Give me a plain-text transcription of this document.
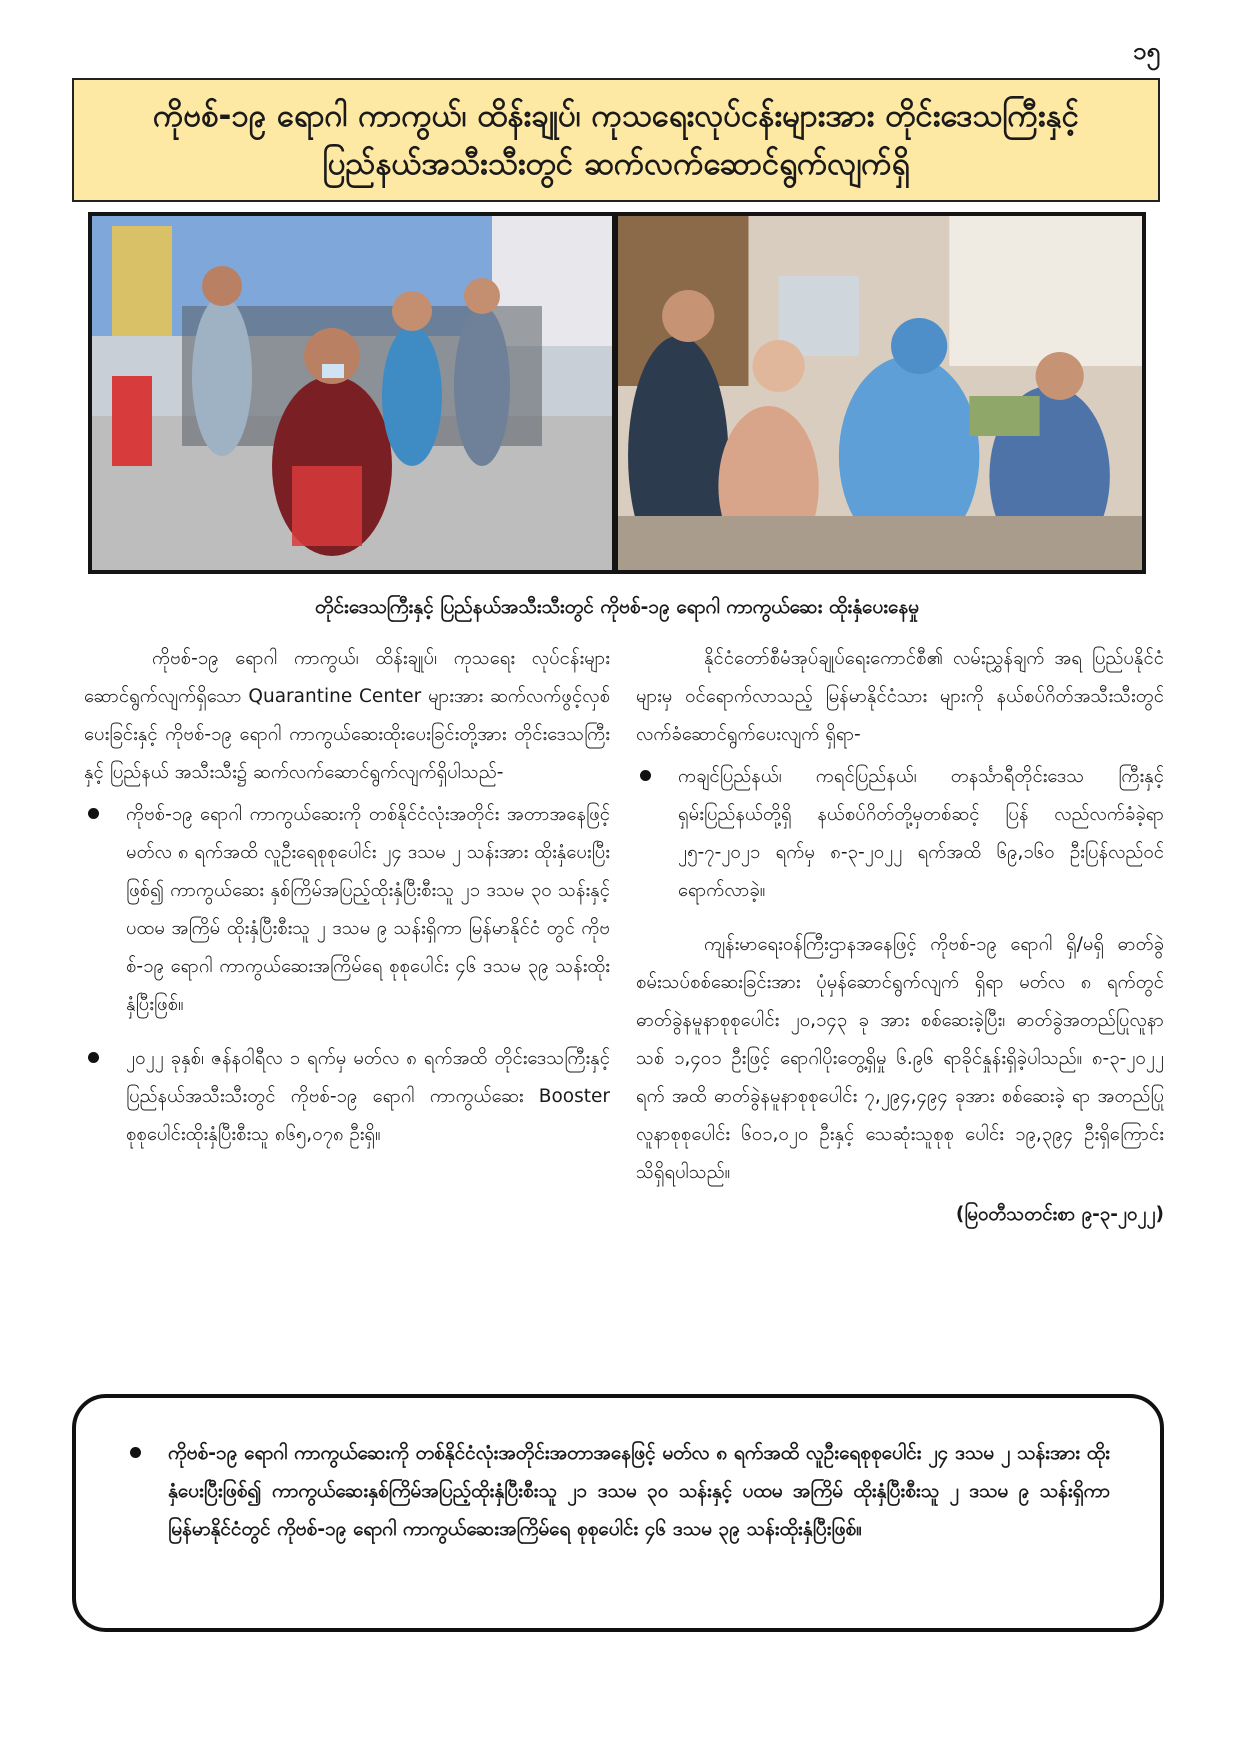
၁၅
ကိုဗစ်-၁၉ ရောဂါ ကာကွယ်၊ ထိန်းချုပ်၊ ကုသရေးလုပ်ငန်းများအား တိုင်းဒေသကြီးနှင့်
ပြည်နယ်အသီးသီးတွင် ဆက်လက်ဆောင်ရွက်လျက်ရှိ
တိုင်းဒေသကြီးနှင့် ပြည်နယ်အသီးသီးတွင် ကိုဗစ်-၁၉ ရောဂါ ကာကွယ်ဆေး ထိုးနှံပေးနေမှု

ကိုဗစ်-၁၉ ရောဂါ ကာကွယ်၊ ထိန်းချုပ်၊ ကုသရေး လုပ်ငန်းများဆောင်ရွက်လျက်ရှိသော Quarantine Center များအား ဆက်လက်ဖွင့်လှစ်ပေးခြင်းနှင့် ကိုဗစ်-၁၉ ရောဂါ ကာကွယ်ဆေးထိုးပေးခြင်းတို့အား တိုင်းဒေသကြီးနှင့် ပြည်နယ် အသီးသီး၌ ဆက်လက်ဆောင်ရွက်လျက်ရှိပါသည်-

ကိုဗစ်-၁၉ ရောဂါ ကာကွယ်ဆေးကို တစ်နိုင်ငံလုံးအတိုင်း အတာအနေဖြင့် မတ်လ ၈ ရက်အထိ လူဦးရေစုစုပေါင်း ၂၄ ဒသမ ၂ သန်းအား ထိုးနှံပေးပြီးဖြစ်၍ ကာကွယ်ဆေး နှစ်ကြိမ်အပြည့်ထိုးနှံပြီးစီးသူ ၂၁ ဒသမ ၃၀ သန်းနှင့် ပထမ အကြိမ် ထိုးနှံပြီးစီးသူ ၂ ဒသမ ၉ သန်းရှိကာ မြန်မာနိုင်ငံ တွင် ကိုဗစ်-၁၉ ရောဂါ ကာကွယ်ဆေးအကြိမ်ရေ စုစုပေါင်း ၄၆ ဒသမ ၃၉ သန်းထိုးနှံပြီးဖြစ်။
၂၀၂၂ ခုနှစ်၊ ဇန်နဝါရီလ ၁ ရက်မှ မတ်လ ၈ ရက်အထိ တိုင်းဒေသကြီးနှင့် ပြည်နယ်အသီးသီးတွင် ကိုဗစ်-၁၉ ရောဂါ ကာကွယ်ဆေး Booster စုစုပေါင်းထိုးနှံပြီးစီးသူ ၈၆၅,၀၇၈ ဦးရှိ။

နိုင်ငံတော်စီမံအုပ်ချုပ်ရေးကောင်စီ၏ လမ်းညွှန်ချက် အရ ပြည်ပနိုင်ငံများမှ ဝင်ရောက်လာသည့် မြန်မာနိုင်ငံသား များကို နယ်စပ်ဂိတ်အသီးသီးတွင် လက်ခံဆောင်ရွက်ပေးလျက် ရှိရာ-

ကချင်ပြည်နယ်၊ ကရင်ပြည်နယ်၊ တနင်္သာရီတိုင်းဒေသ ကြီးနှင့် ရှမ်းပြည်နယ်တို့ရှိ နယ်စပ်ဂိတ်တို့မှတစ်ဆင့် ပြန် လည်လက်ခံခဲ့ရာ ၂၅-၇-၂၀၂၁ ရက်မှ ၈-၃-၂၀၂၂ ရက်အထိ ၆၉,၁၆၀ ဦးပြန်လည်ဝင်ရောက်လာခဲ့။

ကျန်းမာရေးဝန်ကြီးဌာနအနေဖြင့် ကိုဗစ်-၁၉ ရောဂါ ရှိ/မရှိ ဓာတ်ခွဲစမ်းသပ်စစ်ဆေးခြင်းအား ပုံမှန်ဆောင်ရွက်လျက် ရှိရာ မတ်လ ၈ ရက်တွင် ဓာတ်ခွဲနမူနာစုစုပေါင်း ၂၀,၁၄၃ ခု အား စစ်ဆေးခဲ့ပြီး၊ ဓာတ်ခွဲအတည်ပြုလူနာသစ် ၁,၄၀၁ ဦးဖြင့် ရောဂါပိုးတွေ့ရှိမှု ၆.၉၆ ရာခိုင်နှုန်းရှိခဲ့ပါသည်။ ၈-၃-၂၀၂၂ ရက် အထိ ဓာတ်ခွဲနမူနာစုစုပေါင်း ၇,၂၉၄,၄၉၄ ခုအား စစ်ဆေးခဲ့ ရာ အတည်ပြုလူနာစုစုပေါင်း ၆၀၁,၀၂၀ ဦးနှင့် သေဆုံးသူစုစု ပေါင်း ၁၉,၃၉၄ ဦးရှိကြောင်း သိရှိရပါသည်။

(မြဝတီသတင်းစာ ၉-၃-၂၀၂၂)
ကိုဗစ်-၁၉ ရောဂါ ကာကွယ်ဆေးကို တစ်နိုင်ငံလုံးအတိုင်းအတာအနေဖြင့် မတ်လ ၈ ရက်အထိ လူဦးရေစုစုပေါင်း ၂၄ ဒသမ ၂ သန်းအား ထိုးနှံပေးပြီးဖြစ်၍ ကာကွယ်ဆေးနှစ်ကြိမ်အပြည့်ထိုးနှံပြီးစီးသူ ၂၁ ဒသမ ၃၀ သန်းနှင့် ပထမ အကြိမ် ထိုးနှံပြီးစီးသူ ၂ ဒသမ ၉ သန်းရှိကာ မြန်မာနိုင်ငံတွင် ကိုဗစ်-၁၉ ရောဂါ ကာကွယ်ဆေးအကြိမ်ရေ စုစုပေါင်း ၄၆ ဒသမ ၃၉ သန်းထိုးနှံပြီးဖြစ်။
